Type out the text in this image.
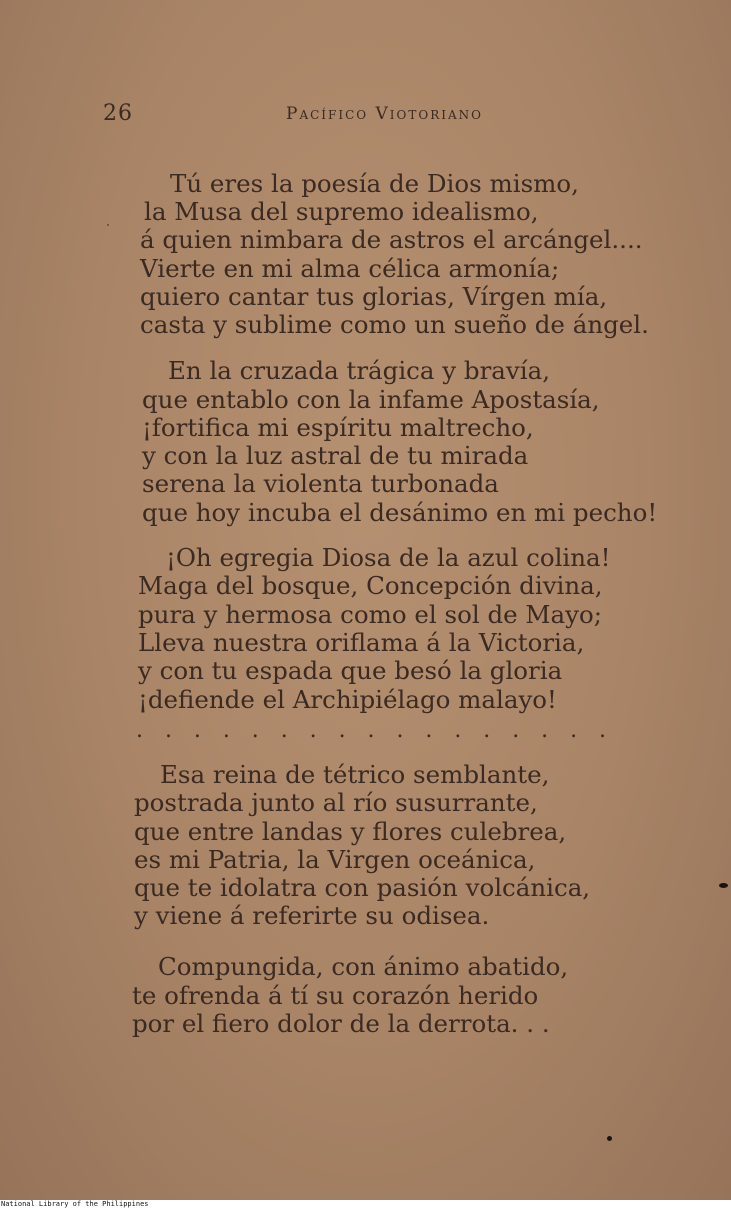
26	Pacífico Viotoriano
Tú eres la poesía de Dios mismo,
la Musa del supremo idealismo,
á quien nimbara de astros el arcángel....
Vierte en mi alma célica armonía;
quiero cantar tus glorias, Vírgen mía,
casta y sublime como un sueño de ángel.
En la cruzada trágica y bravía,
que entablo con la infame Apostasía,
¡fortifica mi espíritu maltrecho,
y con la luz astral de tu mirada
serena la violenta turbonada
que hoy incuba el desánimo en mi pecho!
¡Oh egregia Diosa de la azul colina!
Maga del bosque, Concepción divina,
pura y hermosa como el sol de Mayo;
Lleva nuestra oriflama á la Victoria,
y con tu espada que besó la gloria
¡defiende el Archipiélago malayo!
. . . . . . . . . . . . . . . . .
Esa reina de tétrico semblante,
postrada junto al río susurrante,
que entre landas y flores culebrea,
es mi Patria, la Virgen oceánica,
que te idolatra con pasión volcánica,
y viene á referirte su odisea.
Compungida, con ánimo abatido,
te ofrenda á tí su corazón herido
por el fiero dolor de la derrota. . .
National Library of the Philippines
